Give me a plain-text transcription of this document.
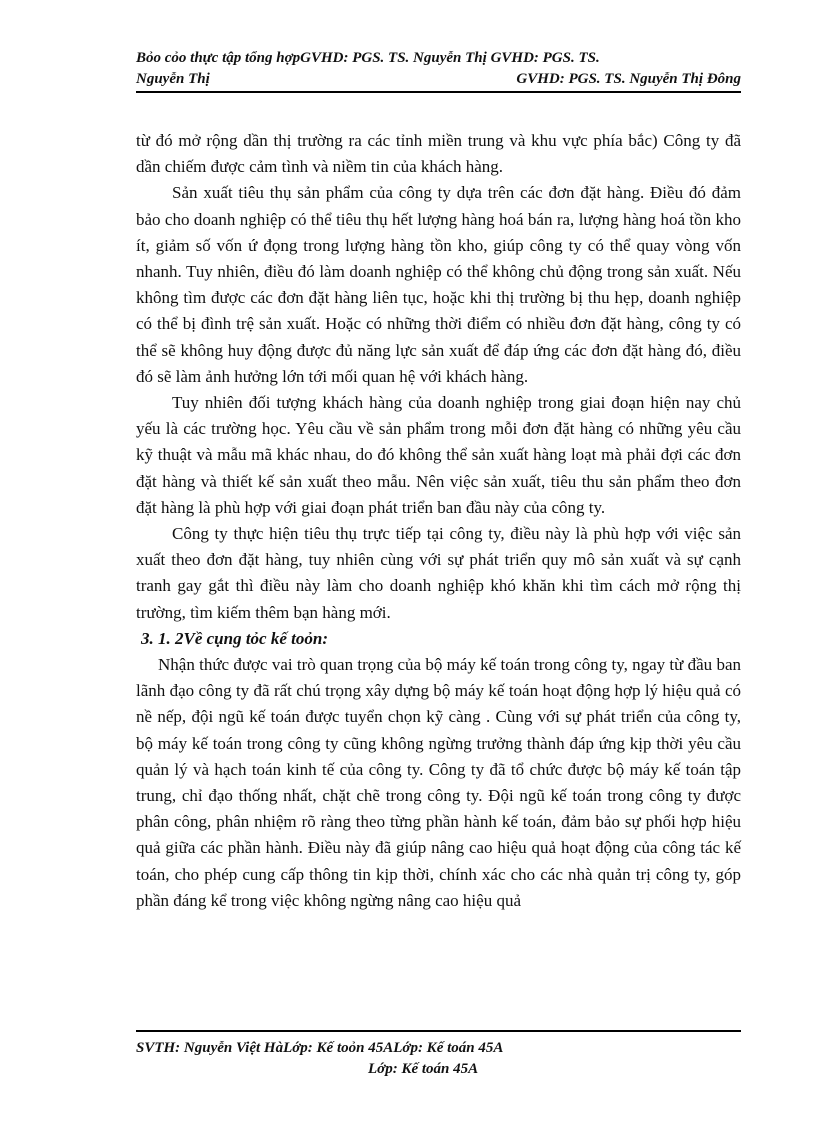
Bỏo cỏo thực tập tổng hợpGVHD: PGS. TS. Nguyễn Thị GVHD: PGS. TS.
Nguyễn Thị	GVHD: PGS. TS. Nguyễn Thị Đông

từ đó mở rộng dần thị trường ra các tỉnh miền trung và khu vực phía bắc) Công ty đã dần chiếm được cảm tình và niềm tin của khách hàng.

Sản xuất tiêu thụ sản phẩm của công ty dựa trên các đơn đặt hàng. Điều đó đảm bảo cho doanh nghiệp có thể tiêu thụ hết lượng hàng hoá bán ra, lượng hàng hoá tồn kho ít, giảm số vốn ứ đọng trong lượng hàng tồn kho, giúp công ty có thể quay vòng vốn nhanh. Tuy nhiên, điều đó làm doanh nghiệp có thể không chủ động trong sản xuất. Nếu không tìm được các đơn đặt hàng liên tục, hoặc khi thị trường bị thu hẹp, doanh nghiệp có thể bị đình trệ sản xuất. Hoặc có những thời điểm có nhiều đơn đặt hàng, công ty có thể sẽ không huy động được đủ năng lực sản xuất để đáp ứng các đơn đặt hàng đó, điều đó sẽ làm ảnh hưởng lớn tới mối quan hệ với khách hàng.

Tuy nhiên đối tượng khách hàng của doanh nghiệp trong giai đoạn hiện nay chủ yếu là các trường học. Yêu cầu về sản phẩm trong mỗi đơn đặt hàng có những yêu cầu kỹ thuật và mẫu mã khác nhau, do đó không thể sản xuất hàng loạt mà phải đợi các đơn đặt hàng và thiết kế sản xuất theo mẫu. Nên việc sản xuất, tiêu thu sản phẩm theo đơn đặt hàng là phù hợp với giai đoạn phát triển ban đầu này của công ty.

Công ty thực hiện tiêu thụ trực tiếp tại công ty, điều này là phù hợp với việc sản xuất theo đơn đặt hàng, tuy nhiên cùng với sự phát triển quy mô sản xuất và sự cạnh tranh gay gắt thì điều này làm cho doanh nghiệp khó khăn khi tìm cách mở rộng thị trường, tìm kiếm thêm bạn hàng mới.

3. 1. 2Về cụng tỏc kế toỏn:

Nhận thức được vai trò quan trọng của bộ máy kế toán trong công ty, ngay từ đầu ban lãnh đạo công ty đã rất chú trọng xây dựng bộ máy kế toán hoạt động hợp lý hiệu quả có nề nếp, đội ngũ kế toán được tuyển chọn kỹ càng . Cùng với sự phát triển của công ty, bộ máy kế toán trong công ty cũng không ngừng trưởng thành đáp ứng kịp thời yêu cầu quản lý và hạch toán kinh tế của công ty. Công ty đã tổ chức được bộ máy kế toán tập trung, chỉ đạo thống nhất, chặt chẽ trong công ty. Đội ngũ kế toán trong công ty được phân công, phân nhiệm rõ ràng theo từng phần hành kế toán, đảm bảo sự phối hợp hiệu quả giữa các phần hành. Điều này đã giúp nâng cao hiệu quả hoạt động của công tác kế toán, cho phép cung cấp thông tin kịp thời, chính xác cho các nhà quản trị công ty, góp phần đáng kể trong việc không ngừng nâng cao hiệu quả

SVTH: Nguyễn Việt HàLớp: Kế toỏn 45ALớp: Kế toán 45A
Lớp: Kế toán 45A
